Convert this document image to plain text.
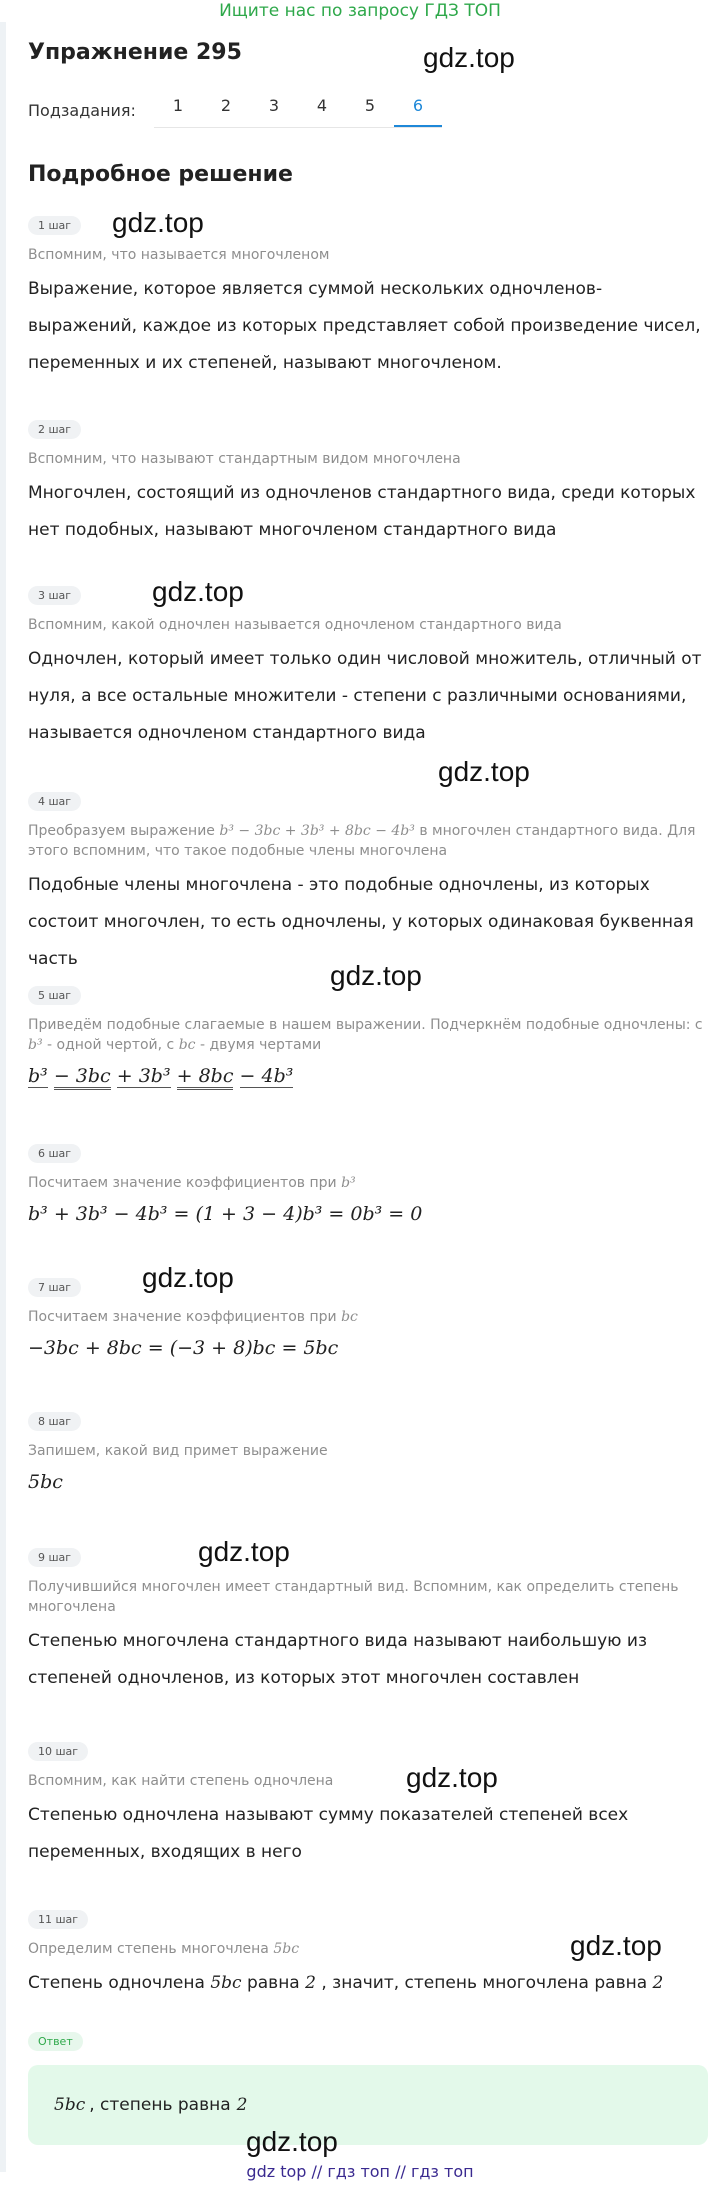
Ищите нас по запросу ГДЗ ТОП
Упражнение 295	gdz.top
Подзадания:	1	2	3	4	5	6
Подробное решение
1 шаг
Вспомним, что называется многочленом
Выражение, которое является суммой нескольких одночленов-выражений, каждое из которых представляет собой произведение чисел, переменных и их степеней, называют многочленом.
gdz.top
2 шаг
Вспомним, что называют стандартным видом многочлена
Многочлен, состоящий из одночленов стандартного вида, среди которых нет подобных, называют многочленом стандартного вида
3 шаг
Вспомним, какой одночлен называется одночленом стандартного вида
Одночлен, который имеет только один числовой множитель, отличный от нуля, а все остальные множители - степени с различными основаниями, называется одночленом стандартного вида
gdz.top
gdz.top
4 шаг
Преобразуем выражение b³ − 3bc + 3b³ + 8bc − 4b³ в многочлен стандартного вида. Для этого вспомним, что такое подобные члены многочлена
Подобные члены многочлена - это подобные одночлены, из которых состоит многочлен, то есть одночлены, у которых одинаковая буквенная часть
5 шаг
Приведём подобные слагаемые в нашем выражении. Подчеркнём подобные одночлены: с b³ - одной чертой, с bc - двумя чертами
b³ − 3bc + 3b³ + 8bc − 4b³
gdz.top
6 шаг
Посчитаем значение коэффициентов при b³
b³ + 3b³ − 4b³ = (1 + 3 − 4)b³ = 0b³ = 0
7 шаг
Посчитаем значение коэффициентов при bc
−3bc + 8bc = (−3 + 8)bc = 5bc
gdz.top
8 шаг
Запишем, какой вид примет выражение
5bc
9 шаг
Получившийся многочлен имеет стандартный вид. Вспомним, как определить степень многочлена
Степенью многочлена стандартного вида называют наибольшую из степеней одночленов, из которых этот многочлен составлен
gdz.top
10 шаг
Вспомним, как найти степень одночлена
Степенью одночлена называют сумму показателей степеней всех переменных, входящих в него
gdz.top
11 шаг
Определим степень многочлена 5bc
Степень одночлена 5bc равна 2 , значит, степень многочлена равна 2
gdz.top
Ответ
5bc , степень равна 2
gdz.top
gdz top // гдз топ // гдз топ
